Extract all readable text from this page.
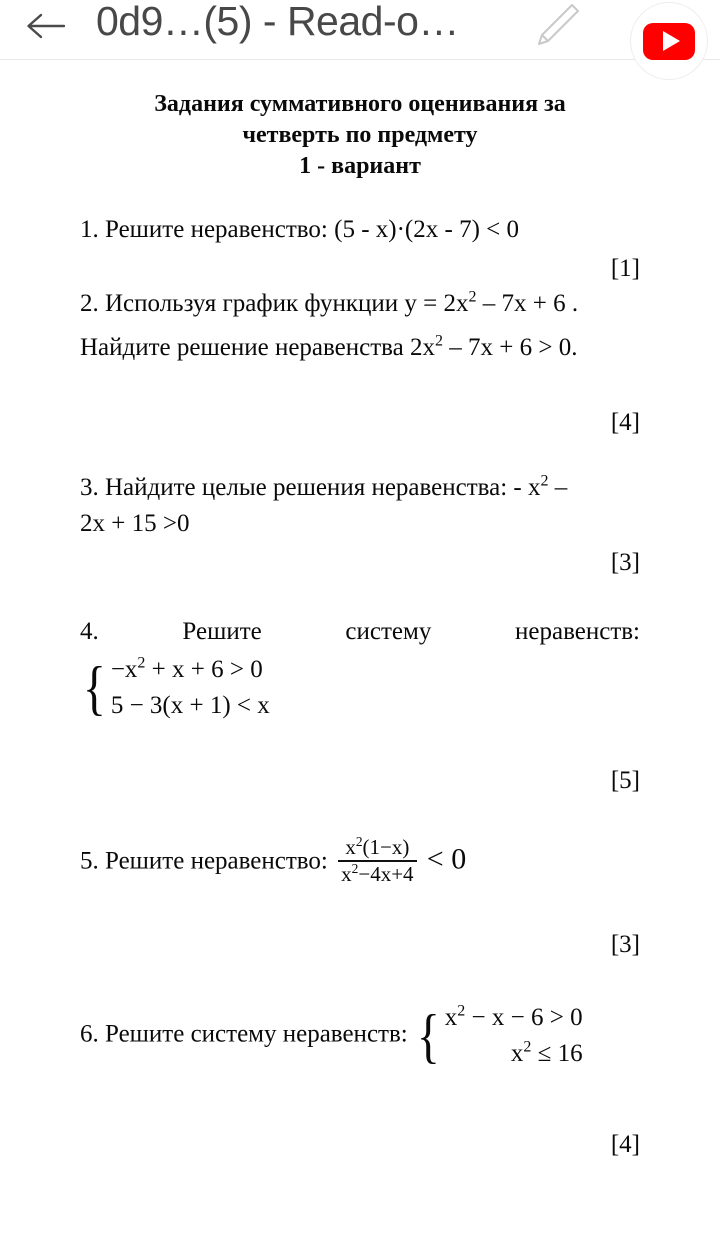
0d9…(5) - Read-o…
Задания суммативного оценивания за
четверть по предмету
1 - вариант
1. Решите неравенство: (5 - x)·(2x - 7) < 0
[1]
2. Используя график функции $y = 2x^2 - 7x + 6$ .
Найдите решение неравенства $2x^2 - 7x + 6 > 0$.
[4]
3. Найдите целые решения неравенства: - $x^2$ –
2x + 15 >0
[3]
4.	Решите	систему	неравенств:
{ $-x^2 + x + 6 > 0$
5 − 3(x + 1) < x
[5]
5. Решите неравенство: $\frac{x^2(1-x)}{x^2-4x+4} < 0$
[3]
6. Решите систему неравенств: { $x^2 - x - 6 > 0$
$x^2 \le 16$
[4]
